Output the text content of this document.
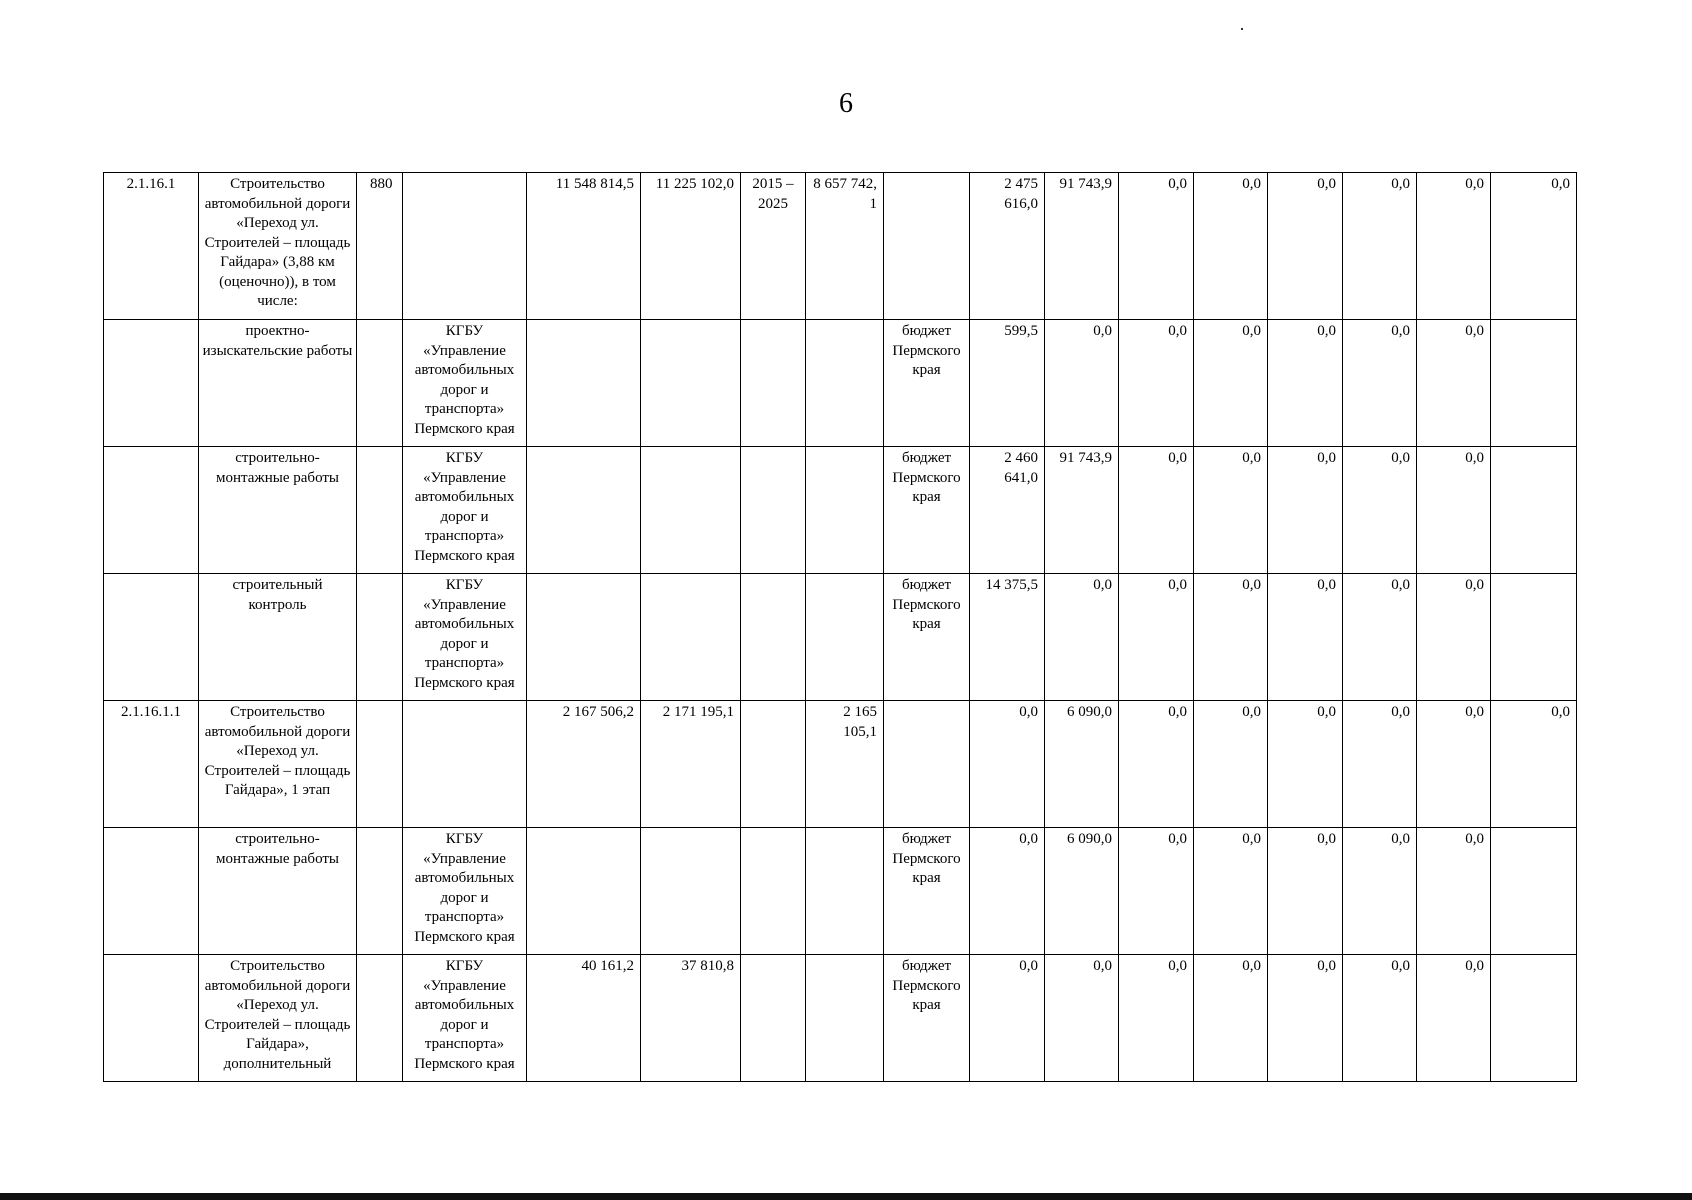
6
2.1.16.1	Строительство автомобильной дороги «Переход ул. Строителей – площадь Гайдара» (3,88 км (оценочно)), в том числе:	880		11 548 814,5	11 225 102,0	2015 – 2025	8 657 742, 1		2 475 616,0	91 743,9	0,0	0,0	0,0	0,0	0,0	0,0
	проектно-изыскательские работы		КГБУ «Управление автомобильных дорог и транспорта» Пермского края					бюджет Пермского края	599,5	0,0	0,0	0,0	0,0	0,0	0,0	
	строительно-монтажные работы		КГБУ «Управление автомобильных дорог и транспорта» Пермского края					бюджет Пермского края	2 460 641,0	91 743,9	0,0	0,0	0,0	0,0	0,0	
	строительный контроль		КГБУ «Управление автомобильных дорог и транспорта» Пермского края					бюджет Пермского края	14 375,5	0,0	0,0	0,0	0,0	0,0	0,0	
2.1.16.1.1	Строительство автомобильной дороги «Переход ул. Строителей – площадь Гайдара», 1 этап			2 167 506,2	2 171 195,1		2 165 105,1		0,0	6 090,0	0,0	0,0	0,0	0,0	0,0	0,0
	строительно-монтажные работы		КГБУ «Управление автомобильных дорог и транспорта» Пермского края					бюджет Пермского края	0,0	6 090,0	0,0	0,0	0,0	0,0	0,0	
	Строительство автомобильной дороги «Переход ул. Строителей – площадь Гайдара», дополнительный		КГБУ «Управление автомобильных дорог и транспорта» Пермского края	40 161,2	37 810,8			бюджет Пермского края	0,0	0,0	0,0	0,0	0,0	0,0	0,0	
